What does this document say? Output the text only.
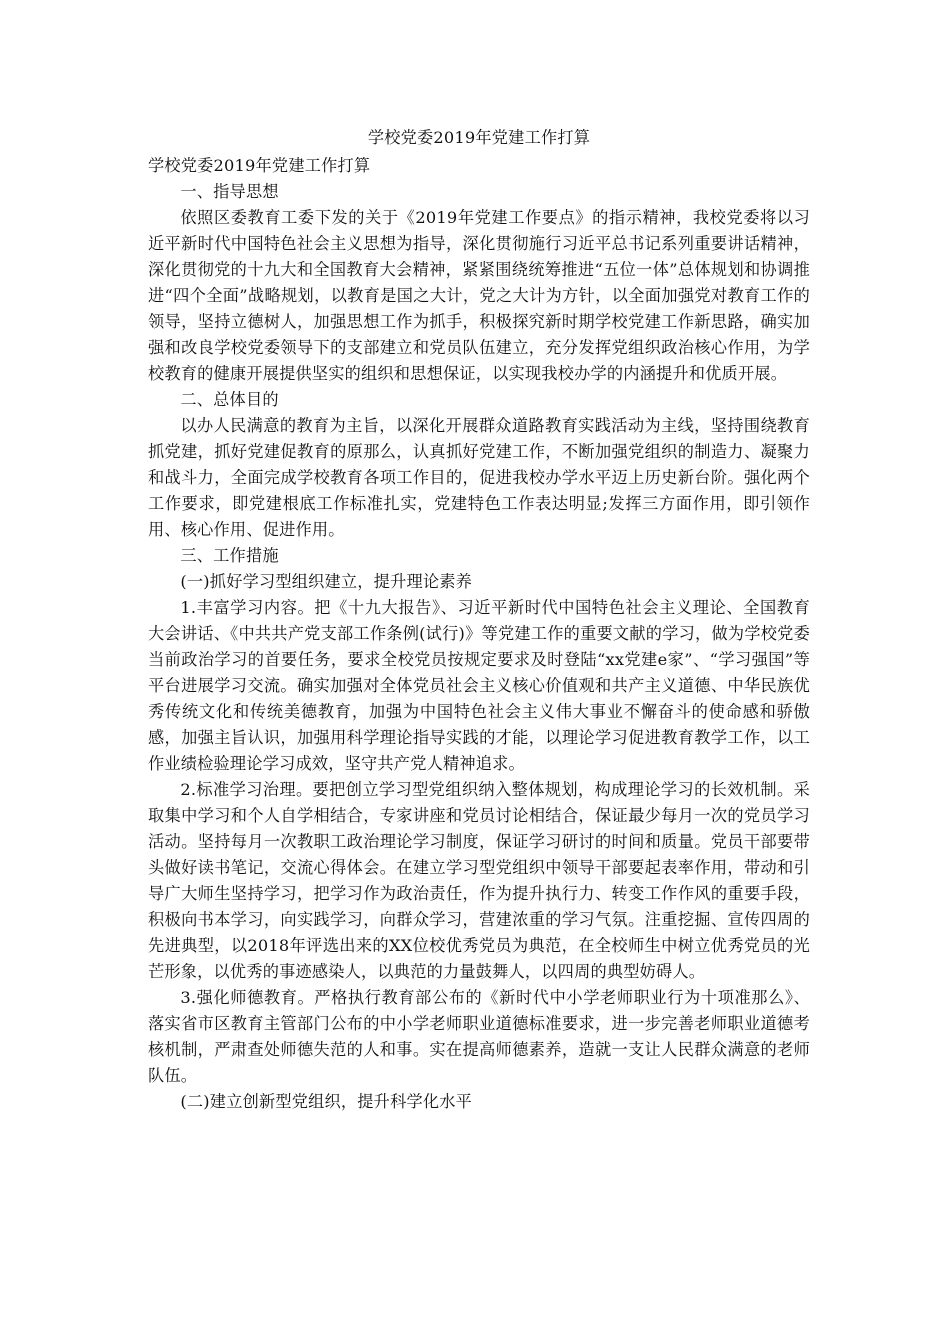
学校党委2019年党建工作打算

学校党委2019年党建工作打算

一、指导思想

依照区委教育工委下发的关于《2019年党建工作要点》的指示精神，我校党委将以习近平新时代中国特色社会主义思想为指导，深化贯彻施行习近平总书记系列重要讲话精神，深化贯彻党的十九大和全国教育大会精神，紧紧围绕统筹推进“五位一体”总体规划和协调推进“四个全面”战略规划，以教育是国之大计，党之大计为方针，以全面加强党对教育工作的领导，坚持立德树人，加强思想工作为抓手，积极探究新时期学校党建工作新思路，确实加强和改良学校党委领导下的支部建立和党员队伍建立，充分发挥党组织政治核心作用，为学校教育的健康开展提供坚实的组织和思想保证，以实现我校办学的内涵提升和优质开展。

二、总体目的

以办人民满意的教育为主旨，以深化开展群众道路教育实践活动为主线，坚持围绕教育抓党建，抓好党建促教育的原那么，认真抓好党建工作，不断加强党组织的制造力、凝聚力和战斗力，全面完成学校教育各项工作目的，促进我校办学水平迈上历史新台阶。强化两个工作要求，即党建根底工作标准扎实，党建特色工作表达明显;发挥三方面作用，即引领作用、核心作用、促进作用。

三、工作措施

(一)抓好学习型组织建立，提升理论素养

1.丰富学习内容。把《十九大报告》、习近平新时代中国特色社会主义理论、全国教育大会讲话、《中共共产党支部工作条例(试行)》等党建工作的重要文献的学习，做为学校党委当前政治学习的首要任务，要求全校党员按规定要求及时登陆“xx党建e家”、“学习强国”等平台进展学习交流。确实加强对全体党员社会主义核心价值观和共产主义道德、中华民族优秀传统文化和传统美德教育，加强为中国特色社会主义伟大事业不懈奋斗的使命感和骄傲感，加强主旨认识，加强用科学理论指导实践的才能，以理论学习促进教育教学工作，以工作业绩检验理论学习成效，坚守共产党人精神追求。

2.标准学习治理。要把创立学习型党组织纳入整体规划，构成理论学习的长效机制。采取集中学习和个人自学相结合，专家讲座和党员讨论相结合，保证最少每月一次的党员学习活动。坚持每月一次教职工政治理论学习制度，保证学习研讨的时间和质量。党员干部要带头做好读书笔记，交流心得体会。在建立学习型党组织中领导干部要起表率作用，带动和引导广大师生坚持学习，把学习作为政治责任，作为提升执行力、转变工作作风的重要手段，积极向书本学习，向实践学习，向群众学习，营建浓重的学习气氛。注重挖掘、宣传四周的先进典型，以2018年评选出来的XX位校优秀党员为典范，在全校师生中树立优秀党员的光芒形象，以优秀的事迹感染人，以典范的力量鼓舞人，以四周的典型妨碍人。

3.强化师德教育。严格执行教育部公布的《新时代中小学老师职业行为十项准那么》、落实省市区教育主管部门公布的中小学老师职业道德标准要求，进一步完善老师职业道德考核机制，严肃查处师德失范的人和事。实在提高师德素养，造就一支让人民群众满意的老师队伍。

(二)建立创新型党组织，提升科学化水平
